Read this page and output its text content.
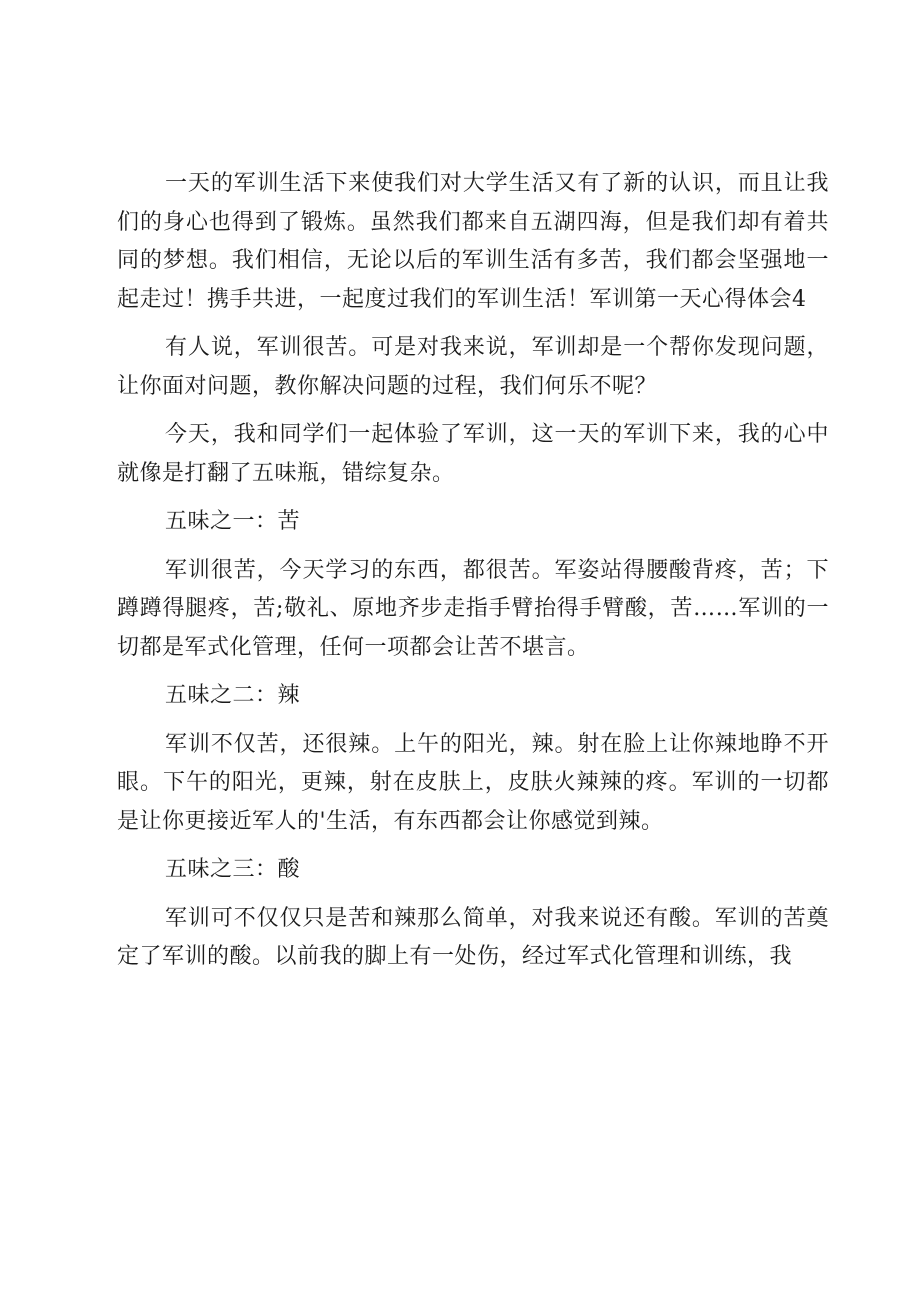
一天的军训生活下来使我们对大学生活又有了新的认识，而且让我们的身心也得到了锻炼。虽然我们都来自五湖四海，但是我们却有着共同的梦想。我们相信，无论以后的军训生活有多苦，我们都会坚强地一起走过！携手共进，一起度过我们的军训生活！军训第一天心得体会4

有人说，军训很苦。可是对我来说，军训却是一个帮你发现问题，让你面对问题，教你解决问题的过程，我们何乐不呢？

今天，我和同学们一起体验了军训，这一天的军训下来，我的心中就像是打翻了五味瓶，错综复杂。

五味之一：苦

军训很苦，今天学习的东西，都很苦。军姿站得腰酸背疼，苦；下蹲蹲得腿疼，苦;敬礼、原地齐步走指手臂抬得手臂酸，苦……军训的一切都是军式化管理，任何一项都会让苦不堪言。

五味之二：辣

军训不仅苦，还很辣。上午的阳光，辣。射在脸上让你辣地睁不开眼。下午的阳光，更辣，射在皮肤上，皮肤火辣辣的疼。军训的一切都是让你更接近军人的'生活，有东西都会让你感觉到辣。

五味之三：酸

军训可不仅仅只是苦和辣那么简单，对我来说还有酸。军训的苦奠定了军训的酸。以前我的脚上有一处伤，经过军式化管理和训练，我
